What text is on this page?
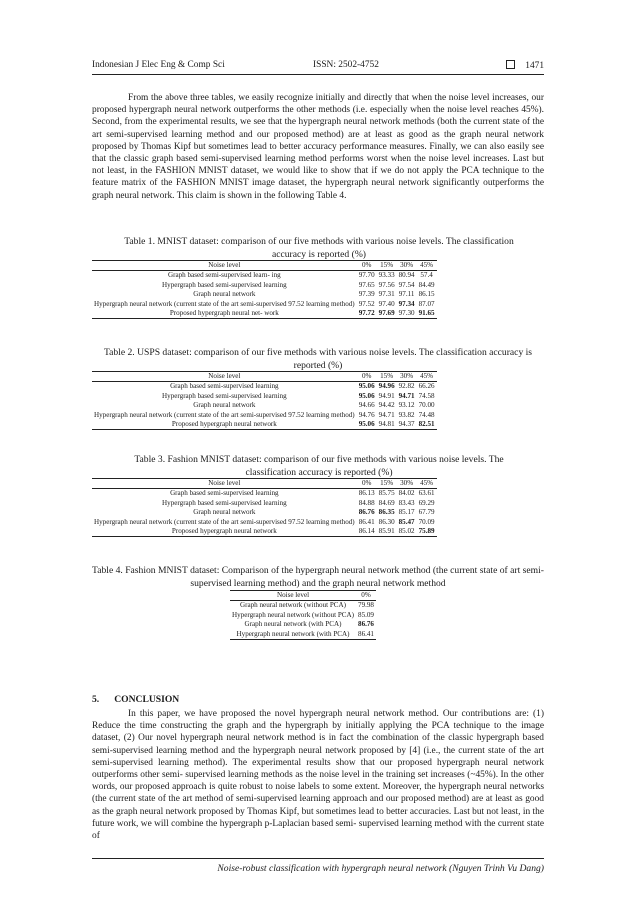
Indonesian J Elec Eng & Comp Sci	ISSN: 2502-4752	1471

From the above three tables, we easily recognize initially and directly that when the noise level increases, our proposed hypergraph neural network outperforms the other methods (i.e. especially when the noise level reaches 45%). Second, from the experimental results, we see that the hypergraph neural network methods (both the current state of the art semi-supervised learning method and our proposed method) are at least as good as the graph neural network proposed by Thomas Kipf but sometimes lead to better accuracy performance measures. Finally, we can also easily see that the classic graph based semi-supervised learning method performs worst when the noise level increases. Last but not least, in the FASHION MNIST dataset, we would like to show that if we do not apply the PCA technique to the feature matrix of the FASHION MNIST image dataset, the hypergraph neural network significantly outperforms the graph neural network. This claim is shown in the following Table 4.

Table 1. MNIST dataset: comparison of our five methods with various noise levels. The classification accuracy is reported (%)
Noise level	0%	15%	30%	45%
Graph based semi-supervised learn- ing	97.70	93.33	80.94	57.4
Hypergraph based semi-supervised learning	97.65	97.56	97.54	84.49
Graph neural network	97.39	97.31	97.11	86.15
Hypergraph neural network (current state of the art semi-supervised 97.52 learning method)	97.52	97.40	97.34	87.07
Proposed hypergraph neural net- work	97.72	97.69	97.30	91.65
Table 2. USPS dataset: comparison of our five methods with various noise levels. The classification accuracy is reported (%)
Noise level	0%	15%	30%	45%
Graph based semi-supervised learning	95.06	94.96	92.82	66.26
Hypergraph based semi-supervised learning	95.06	94.91	94.71	74.58
Graph neural network	94.66	94.42	93.12	70.00
Hypergraph neural network (current state of the art semi-supervised 97.52 learning method)	94.76	94.71	93.82	74.48
Proposed hypergraph neural network	95.06	94.81	94.37	82.51
Table 3. Fashion MNIST dataset: comparison of our five methods with various noise levels. The classification accuracy is reported (%)
Noise level	0%	15%	30%	45%
Graph based semi-supervised learning	86.13	85.75	84.02	63.61
Hypergraph based semi-supervised learning	84.88	84.69	83.43	69.29
Graph neural network	86.76	86.35	85.17	67.79
Hypergraph neural network (current state of the art semi-supervised 97.52 learning method)	86.41	86.30	85.47	70.09
Proposed hypergraph neural network	86.14	85.91	85.02	75.89
Table 4. Fashion MNIST dataset: Comparison of the hypergraph neural network method (the current state of art semi-supervised learning method) and the graph neural network method
Noise level	0%
Graph neural network (without PCA)	79.98
Hypergraph neural network (without PCA)	85.09
Graph neural network (with PCA)	86.76
Hypergraph neural network (with PCA)	86.41
5. CONCLUSION

In this paper, we have proposed the novel hypergraph neural network method. Our contributions are: (1) Reduce the time constructing the graph and the hypergraph by initially applying the PCA technique to the image dataset, (2) Our novel hypergraph neural network method is in fact the combination of the classic hypergraph based semi-supervised learning method and the hypergraph neural network proposed by [4] (i.e., the current state of the art semi-supervised learning method). The experimental results show that our proposed hypergraph neural network outperforms other semi- supervised learning methods as the noise level in the training set increases (~45%). In the other words, our proposed approach is quite robust to noise labels to some extent. Moreover, the hypergraph neural networks (the current state of the art method of semi-supervised learning approach and our proposed method) are at least as good as the graph neural network proposed by Thomas Kipf, but sometimes lead to better accuracies. Last but not least, in the future work, we will combine the hypergraph p-Laplacian based semi- supervised learning method with the current state of

Noise-robust classification with hypergraph neural network (Nguyen Trinh Vu Dang)
